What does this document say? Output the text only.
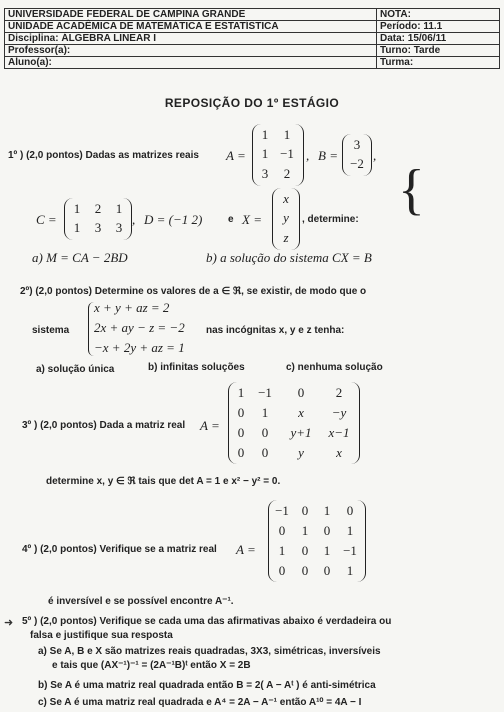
UNIVERSIDADE FEDERAL DE CAMPINA GRANDE	NOTA:
UNIDADE ACADÊMICA DE MATEMÁTICA E ESTATÍSTICA	Período: 11.1
Disciplina: ÁLGEBRA LINEAR I	Data: 15/06/11
Professor(a):	Turno: Tarde
Aluno(a):	Turma:
REPOSIÇÃO DO 1º ESTÁGIO
1º ) (2,0 pontos) Dadas as matrizes reais A =
1 1
1 −1
3 2
, B =
3
−2
,
{
C =
1 2 1
1 3 3
, D = (−1 2)	e X =
x
y
z
, determine:
a) M = CA − 2BD	b) a solução do sistema CX = B
2º) (2,0 pontos) Determine os valores de a ∈ ℜ, se existir, de modo que o
sistema
x + y + az = 2
2x + ay − z = −2
−x + 2y + az = 1
nas incógnitas x, y e z tenha:
a) solução única	b) infinitas soluções	c) nenhuma solução
3º ) (2,0 pontos) Dada a matriz real A =
1 −1 0 2
0 1 x −y
0 0 y+1 x−1
0 0 y x
determine x, y ∈ ℜ tais que det A = 1 e x² − y² = 0.
4º ) (2,0 pontos) Verifique se a matriz real A =
−1 0 1 0
0 1 0 1
1 0 1 −1
0 0 0 1
é inversível e se possível encontre A⁻¹.
➜ 5º ) (2,0 pontos) Verifique se cada uma das afirmativas abaixo é verdadeira ou
falsa e justifique sua resposta
a) Se A, B e X são matrizes reais quadradas, 3X3, simétricas, inversíveis
e tais que (AX⁻¹)⁻¹ = (2A⁻¹B)ᵗ então X = 2B
b) Se A é uma matriz real quadrada então B = 2( A − Aᵗ ) é anti-simétrica
c) Se A é uma matriz real quadrada e A⁴ = 2A − A⁻¹ então A¹⁰ = 4A − I
